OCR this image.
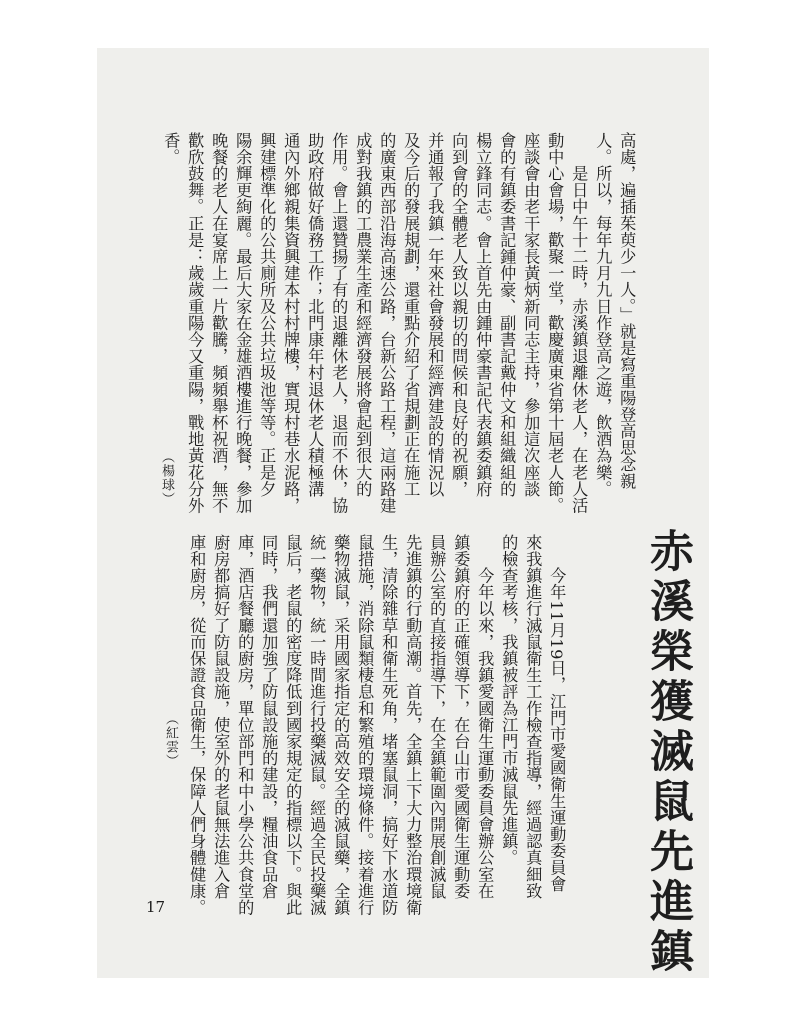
高處，遍插茱萸少一人。」就是寫重陽登高思念親
人。所以，每年九月九日作登高之遊，飲酒為樂。
　　是日中午十二時，赤溪鎮退離休老人，在老人活
動中心會場，歡聚一堂，歡慶廣東省第十屆老人節。
座談會由老干家長黃炳新同志主持，參加這次座談
會的有鎮委書記鍾仲豪、副書記戴仲文和組織組的
楊立鋒同志。會上首先由鍾仲豪書記代表鎮委鎮府
向到會的全體老人致以親切的問候和良好的祝願，
并通報了我鎮一年來社會發展和經濟建設的情況以
及今后的發展規劃，還重點介紹了省規劃正在施工
的廣東西部沿海高速公路，台新公路工程，這兩路建
成對我鎮的工農業生產和經濟發展將會起到很大的
作用。會上還贊揚了有的退離休老人，退而不休，協
助政府做好僑務工作；北門康年村退休老人積極溝
通內外鄉親集資興建本村村牌樓，實現村巷水泥路，
興建標準化的公共廁所及公共垃圾池等等。正是夕
陽余輝更絢麗。最后大家在金雄酒樓進行晚餐，參加
晚餐的老人在宴席上一片歡騰，頻頻舉杯祝酒，無不
歡欣鼓舞。正是：歲歲重陽今又重陽，戰地黃花分外
香。
（楊球）
赤溪榮獲滅鼠先進鎮
　　今年11月19日，江門市愛國衛生運動委員會
來我鎮進行滅鼠衛生工作檢查指導，經過認真細致
的檢查考核，我鎮被評為江門市滅鼠先進鎮。
　　今年以來，我鎮愛國衛生運動委員會辦公室在
鎮委鎮府的正確領導下，在台山市愛國衛生運動委
員辦公室的直接指導下，在全鎮範圍內開展創滅鼠
先進鎮的行動高潮。首先，全鎮上下大力整治環境衛
生，清除雜草和衛生死角，堵塞鼠洞，搞好下水道防
鼠措施，消除鼠類棲息和繁殖的環境條件。接着進行
藥物滅鼠，采用國家指定的高效安全的滅鼠藥，全鎮
統一藥物，統一時間進行投藥滅鼠。經過全民投藥滅
鼠后，老鼠的密度降低到國家規定的指標以下。與此
同時，我們還加強了防鼠設施的建設，糧油食品倉
庫，酒店餐廳的廚房，單位部門和中小學公共食堂的
廚房都搞好了防鼠設施，使室外的老鼠無法進入倉
庫和廚房，從而保證食品衛生，保障人們身體健康。
（紅雲）
17
